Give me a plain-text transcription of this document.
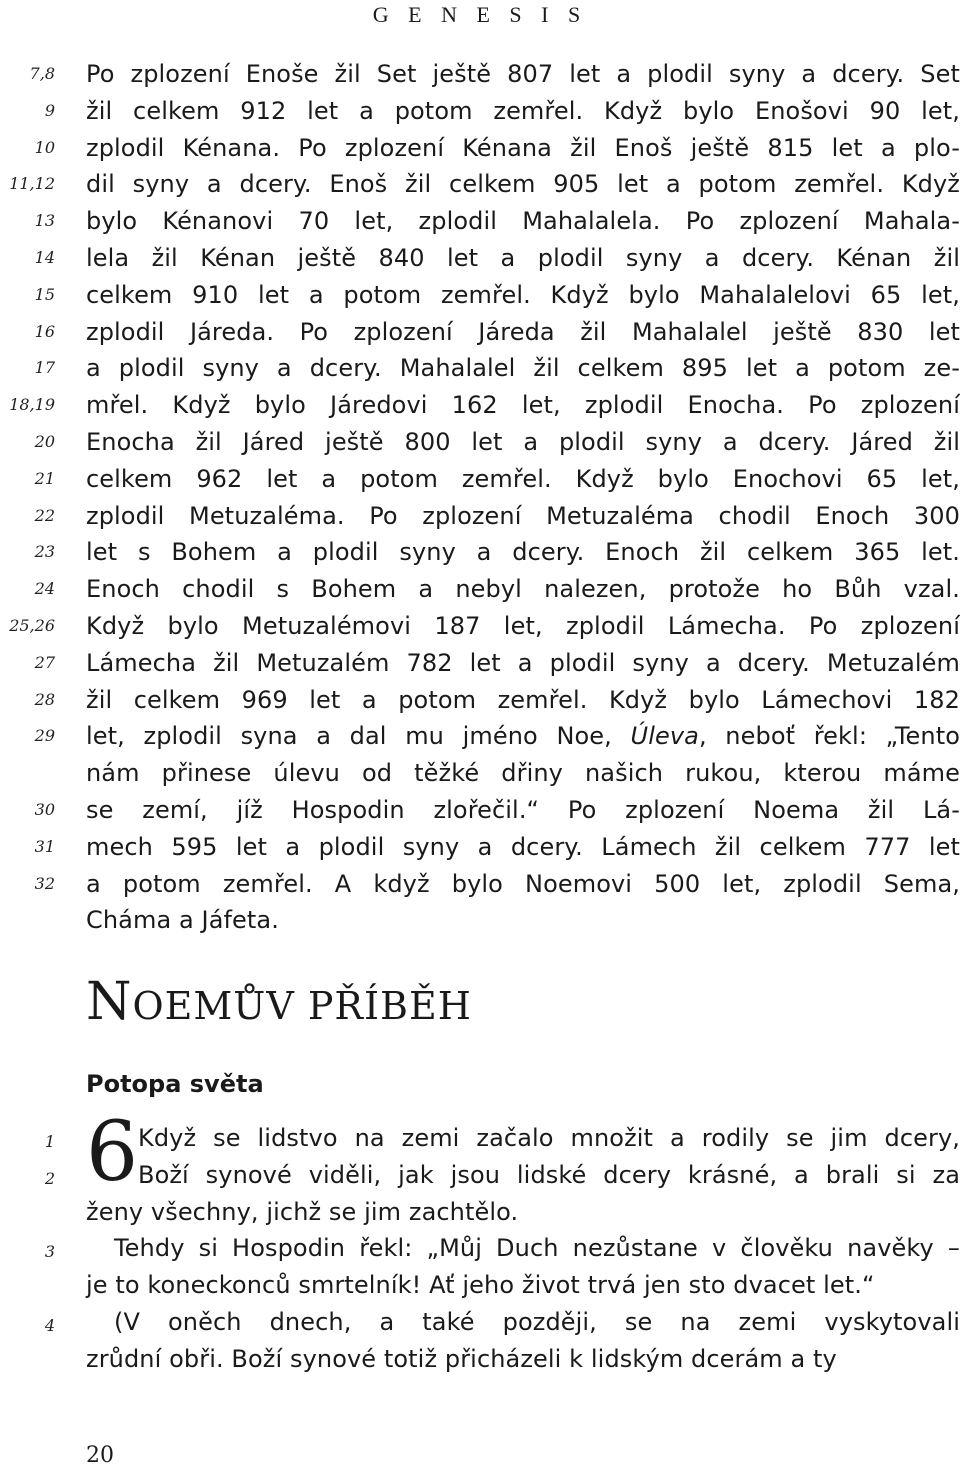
G E N E S I S
7,8
9
10
11,12
13
14
15
16
17
18,19
20
21
22
23
24
25,26
27
28
29
30
31
32
Po zplození Enoše žil Set ještě 807 let a plodil syny a dcery. Set
žil celkem 912 let a potom zemřel. Když bylo Enošovi 90 let,
zplodil Kénana. Po zplození Kénana žil Enoš ještě 815 let a plo-
dil syny a dcery. Enoš žil celkem 905 let a potom zemřel. Když
bylo Kénanovi 70 let, zplodil Mahalalela. Po zplození Mahala-
lela žil Kénan ještě 840 let a plodil syny a dcery. Kénan žil
celkem 910 let a potom zemřel. Když bylo Mahalalelovi 65 let,
zplodil Járeda. Po zplození Járeda žil Mahalalel ještě 830 let
a plodil syny a dcery. Mahalalel žil celkem 895 let a potom ze-
mřel. Když bylo Járedovi 162 let, zplodil Enocha. Po zplození
Enocha žil Járed ještě 800 let a plodil syny a dcery. Járed žil
celkem 962 let a potom zemřel. Když bylo Enochovi 65 let,
zplodil Metuzaléma. Po zplození Metuzaléma chodil Enoch 300
let s Bohem a plodil syny a dcery. Enoch žil celkem 365 let.
Enoch chodil s Bohem a nebyl nalezen, protože ho Bůh vzal.
Když bylo Metuzalémovi 187 let, zplodil Lámecha. Po zplození
Lámecha žil Metuzalém 782 let a plodil syny a dcery. Metuzalém
žil celkem 969 let a potom zemřel. Když bylo Lámechovi 182
let, zplodil syna a dal mu jméno Noe, Úleva, neboť řekl: „Tento
nám přinese úlevu od těžké dřiny našich rukou, kterou máme
se zemí, jíž Hospodin zlořečil.“ Po zplození Noema žil Lá-
mech 595 let a plodil syny a dcery. Lámech žil celkem 777 let
a potom zemřel. A když bylo Noemovi 500 let, zplodil Sema,
Cháma a Jáfeta.
NOEMŮV PŘÍBĚH
Potopa světa
6
1
2
3
4
Když se lidstvo na zemi začalo množit a rodily se jim dcery,
Boží synové viděli, jak jsou lidské dcery krásné, a brali si za
ženy všechny, jichž se jim zachtělo.
Tehdy si Hospodin řekl: „Můj Duch nezůstane v člověku navěky –
je to koneckonců smrtelník! Ať jeho život trvá jen sto dvacet let.“
(V oněch dnech, a také později, se na zemi vyskytovali
zrůdní obři. Boží synové totiž přicházeli k lidským dcerám a ty
20
